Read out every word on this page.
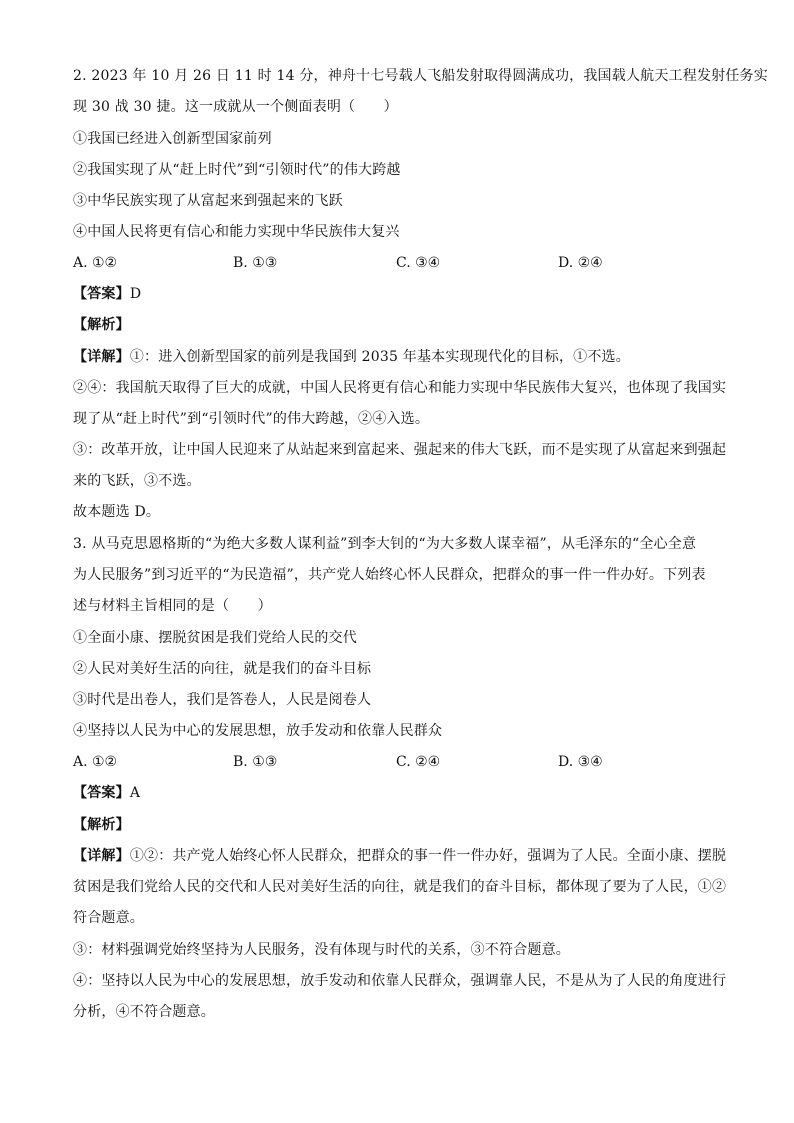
2. 2023 年 10 月 26 日 11 时 14 分，神舟十七号载人飞船发射取得圆满成功，我国载人航天工程发射任务实
现 30 战 30 捷。这一成就从一个侧面表明（　　）
①我国已经进入创新型国家前列
②我国实现了从“赶上时代”到“引领时代”的伟大跨越
③中华民族实现了从富起来到强起来的飞跃
④中国人民将更有信心和能力实现中华民族伟大复兴
A. ①②	B. ①③	C. ③④	D. ②④
【答案】D
【解析】
【详解】①：进入创新型国家的前列是我国到 2035 年基本实现现代化的目标，①不选。
②④：我国航天取得了巨大的成就，中国人民将更有信心和能力实现中华民族伟大复兴，也体现了我国实
现了从“赶上时代”到“引领时代”的伟大跨越，②④入选。
③：改革开放，让中国人民迎来了从站起来到富起来、强起来的伟大飞跃，而不是实现了从富起来到强起
来的飞跃，③不选。
故本题选 D。
3. 从马克思恩格斯的“为绝大多数人谋利益”到李大钊的“为大多数人谋幸福”，从毛泽东的“全心全意
为人民服务”到习近平的“为民造福”，共产党人始终心怀人民群众，把群众的事一件一件办好。下列表
述与材料主旨相同的是（　　）
①全面小康、摆脱贫困是我们党给人民的交代
②人民对美好生活的向往，就是我们的奋斗目标
③时代是出卷人，我们是答卷人，人民是阅卷人
④坚持以人民为中心的发展思想，放手发动和依靠人民群众
A. ①②	B. ①③	C. ②④	D. ③④
【答案】A
【解析】
【详解】①②：共产党人始终心怀人民群众，把群众的事一件一件办好，强调为了人民。全面小康、摆脱
贫困是我们党给人民的交代和人民对美好生活的向往，就是我们的奋斗目标，都体现了要为了人民，①②
符合题意。
③：材料强调党始终坚持为人民服务，没有体现与时代的关系，③不符合题意。
④：坚持以人民为中心的发展思想，放手发动和依靠人民群众，强调靠人民，不是从为了人民的角度进行
分析，④不符合题意。
